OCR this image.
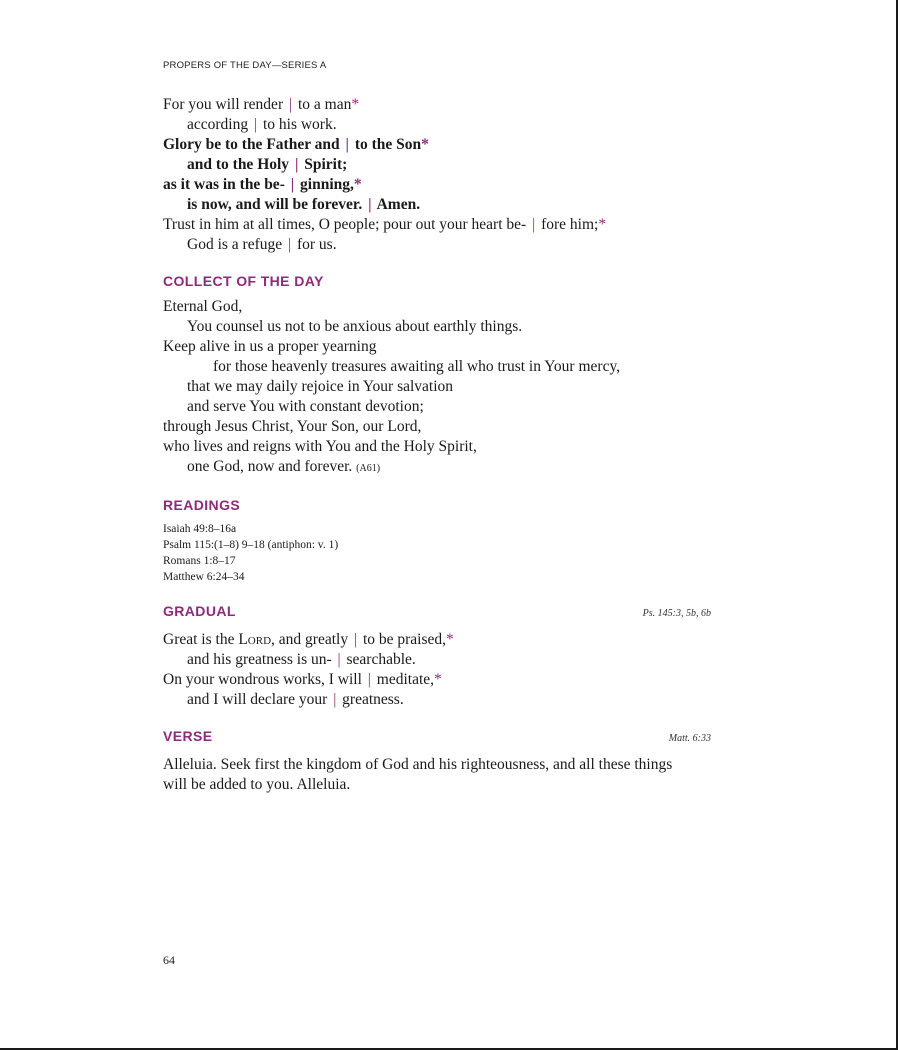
PROPERS OF THE DAY—SERIES A
For you will render | to a man*
according | to his work.
Glory be to the Father and | to the Son*
and to the Holy | Spirit;
as it was in the be- | ginning,*
is now, and will be forever. | Amen.
Trust in him at all times, O people; pour out your heart be- | fore him;*
God is a refuge | for us.
COLLECT OF THE DAY
Eternal God,
You counsel us not to be anxious about earthly things.
Keep alive in us a proper yearning
for those heavenly treasures awaiting all who trust in Your mercy,
that we may daily rejoice in Your salvation
and serve You with constant devotion;
through Jesus Christ, Your Son, our Lord,
who lives and reigns with You and the Holy Spirit,
one God, now and forever. (A61)
READINGS
Isaiah 49:8–16a
Psalm 115:(1–8) 9–18 (antiphon: v. 1)
Romans 1:8–17
Matthew 6:24–34
GRADUAL	Ps. 145:3, 5b, 6b
Great is the Lord, and greatly | to be praised,*
and his greatness is un- | searchable.
On your wondrous works, I will | meditate,*
and I will declare your | greatness.
VERSE	Matt. 6:33
Alleluia. Seek first the kingdom of God and his righteousness, and all these things will be added to you. Alleluia.
64
